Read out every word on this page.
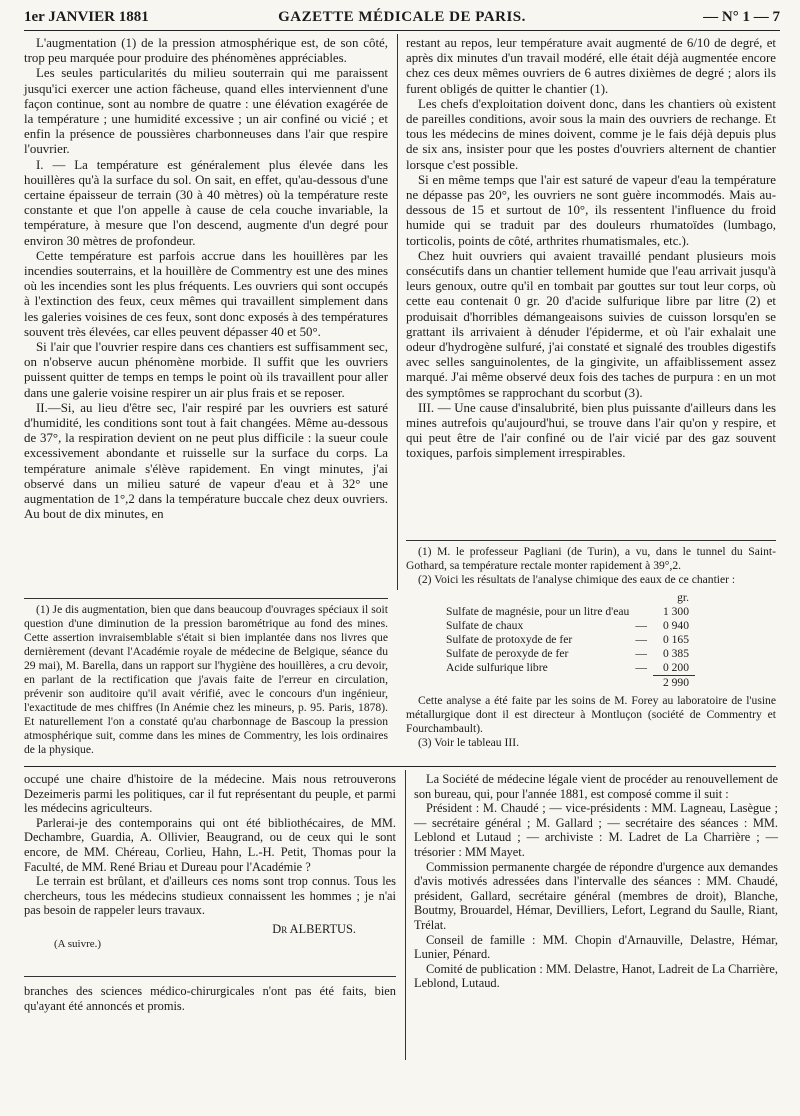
1er JANVIER 1881	GAZETTE MÉDICALE DE PARIS.	— N° 1 — 7

L'augmentation (1) de la pression atmosphérique est, de son côté, trop peu marquée pour produire des phénomènes appréciables.

Les seules particularités du milieu souterrain qui me paraissent jusqu'ici exercer une action fâcheuse, quand elles interviennent d'une façon continue, sont au nombre de quatre : une élévation exagérée de la température ; une humidité excessive ; un air confiné ou vicié ; et enfin la présence de poussières charbonneuses dans l'air que respire l'ouvrier.

I. — La température est généralement plus élevée dans les houillères qu'à la surface du sol. On sait, en effet, qu'au-dessous d'une certaine épaisseur de terrain (30 à 40 mètres) où la température reste constante et que l'on appelle à cause de cela couche invariable, la température, à mesure que l'on descend, augmente d'un degré pour environ 30 mètres de profondeur.

Cette température est parfois accrue dans les houillères par les incendies souterrains, et la houillère de Commentry est une des mines où les incendies sont les plus fréquents. Les ouvriers qui sont occupés à l'extinction des feux, ceux mêmes qui travaillent simplement dans les galeries voisines de ces feux, sont donc exposés à des températures souvent très élevées, car elles peuvent dépasser 40 et 50°.

Si l'air que l'ouvrier respire dans ces chantiers est suffisamment sec, on n'observe aucun phénomène morbide. Il suffit que les ouvriers puissent quitter de temps en temps le point où ils travaillent pour aller dans une galerie voisine respirer un air plus frais et se reposer.

II.—Si, au lieu d'être sec, l'air respiré par les ouvriers est saturé d'humidité, les conditions sont tout à fait changées. Même au-dessous de 37°, la respiration devient on ne peut plus difficile : la sueur coule excessivement abondante et ruisselle sur la surface du corps. La température animale s'élève rapidement. En vingt minutes, j'ai observé dans un milieu saturé de vapeur d'eau et à 32° une augmentation de 1°,2 dans la température buccale chez deux ouvriers. Au bout de dix minutes, en

restant au repos, leur température avait augmenté de 6/10 de degré, et après dix minutes d'un travail modéré, elle était déjà augmentée encore chez ces deux mêmes ouvriers de 6 autres dixièmes de degré ; alors ils furent obligés de quitter le chantier (1).

Les chefs d'exploitation doivent donc, dans les chantiers où existent de pareilles conditions, avoir sous la main des ouvriers de rechange. Et tous les médecins de mines doivent, comme je le fais déjà depuis plus de six ans, insister pour que les postes d'ouvriers alternent de chantier lorsque c'est possible.

Si en même temps que l'air est saturé de vapeur d'eau la température ne dépasse pas 20°, les ouvriers ne sont guère incommodés. Mais au-dessous de 15 et surtout de 10°, ils ressentent l'influence du froid humide qui se traduit par des douleurs rhumatoïdes (lumbago, torticolis, points de côté, arthrites rhumatismales, etc.).

Chez huit ouvriers qui avaient travaillé pendant plusieurs mois consécutifs dans un chantier tellement humide que l'eau arrivait jusqu'à leurs genoux, outre qu'il en tombait par gouttes sur tout leur corps, où cette eau contenait 0 gr. 20 d'acide sulfurique libre par litre (2) et produisait d'horribles démangeaisons suivies de cuisson lorsqu'en se grattant ils arrivaient à dénuder l'épiderme, et où l'air exhalait une odeur d'hydrogène sulfuré, j'ai constaté et signalé des troubles digestifs avec selles sanguinolentes, de la gingivite, un affaiblissement assez marqué. J'ai même observé deux fois des taches de purpura : en un mot des symptômes se rapprochant du scorbut (3).

III. — Une cause d'insalubrité, bien plus puissante d'ailleurs dans les mines autrefois qu'aujourd'hui, se trouve dans l'air qu'on y respire, et qui peut être de l'air confiné ou de l'air vicié par des gaz souvent toxiques, parfois simplement irrespirables.

(1) Je dis augmentation, bien que dans beaucoup d'ouvrages spéciaux il soit question d'une diminution de la pression barométrique au fond des mines. Cette assertion invraisemblable s'était si bien implantée dans nos livres que dernièrement (devant l'Académie royale de médecine de Belgique, séance du 29 mai), M. Barella, dans un rapport sur l'hygiène des houillères, a cru devoir, en parlant de la rectification que j'avais faite de l'erreur en circulation, prévenir son auditoire qu'il avait vérifié, avec le concours d'un ingénieur, l'exactitude de mes chiffres (In Anémie chez les mineurs, p. 95. Paris, 1878). Et naturellement l'on a constaté qu'au charbonnage de Bascoup la pression atmosphérique suit, comme dans les mines de Commentry, les lois ordinaires de la physique.

(1) M. le professeur Pagliani (de Turin), a vu, dans le tunnel du Saint-Gothard, sa température rectale monter rapidement à 39°,2.

(2) Voici les résultats de l'analyse chimique des eaux de ce chantier :

		gr.
Sulfate de magnésie, pour un litre d'eau		1 300
Sulfate de chaux	—	0 940
Sulfate de protoxyde de fer	—	0 165
Sulfate de peroxyde de fer	—	0 385
Acide sulfurique libre	—	0 200
		2 990

Cette analyse a été faite par les soins de M. Forey au laboratoire de l'usine métallurgique dont il est directeur à Montluçon (société de Commentry et Fourchambault).

(3) Voir le tableau III.

occupé une chaire d'histoire de la médecine. Mais nous retrouverons Dezeimeris parmi les politiques, car il fut représentant du peuple, et parmi les médecins agriculteurs.

Parlerai-je des contemporains qui ont été bibliothécaires, de MM. Dechambre, Guardia, A. Ollivier, Beaugrand, ou de ceux qui le sont encore, de MM. Chéreau, Corlieu, Hahn, L.-H. Petit, Thomas pour la Faculté, de MM. René Briau et Dureau pour l'Académie ?

Le terrain est brûlant, et d'ailleurs ces noms sont trop connus. Tous les chercheurs, tous les médecins studieux connaissent les hommes ; je n'ai pas besoin de rappeler leurs travaux.

Dr ALBERTUS.
(A suivre.)

branches des sciences médico-chirurgicales n'ont pas été faits, bien qu'ayant été annoncés et promis.

La Société de médecine légale vient de procéder au renouvellement de son bureau, qui, pour l'année 1881, est composé comme il suit :

Président : M. Chaudé ; — vice-présidents : MM. Lagneau, Lasègue ; — secrétaire général ; M. Gallard ; — secrétaire des séances : MM. Leblond et Lutaud ; — archiviste : M. Ladret de La Charrière ; — trésorier : MM Mayet.

Commission permanente chargée de répondre d'urgence aux demandes d'avis motivés adressées dans l'intervalle des séances : MM. Chaudé, président, Gallard, secrétaire général (membres de droit), Blanche, Boutmy, Brouardel, Hémar, Devilliers, Lefort, Legrand du Saulle, Riant, Trélat.

Conseil de famille : MM. Chopin d'Arnauville, Delastre, Hémar, Lunier, Pénard.

Comité de publication : MM. Delastre, Hanot, Ladreit de La Charrière, Leblond, Lutaud.
